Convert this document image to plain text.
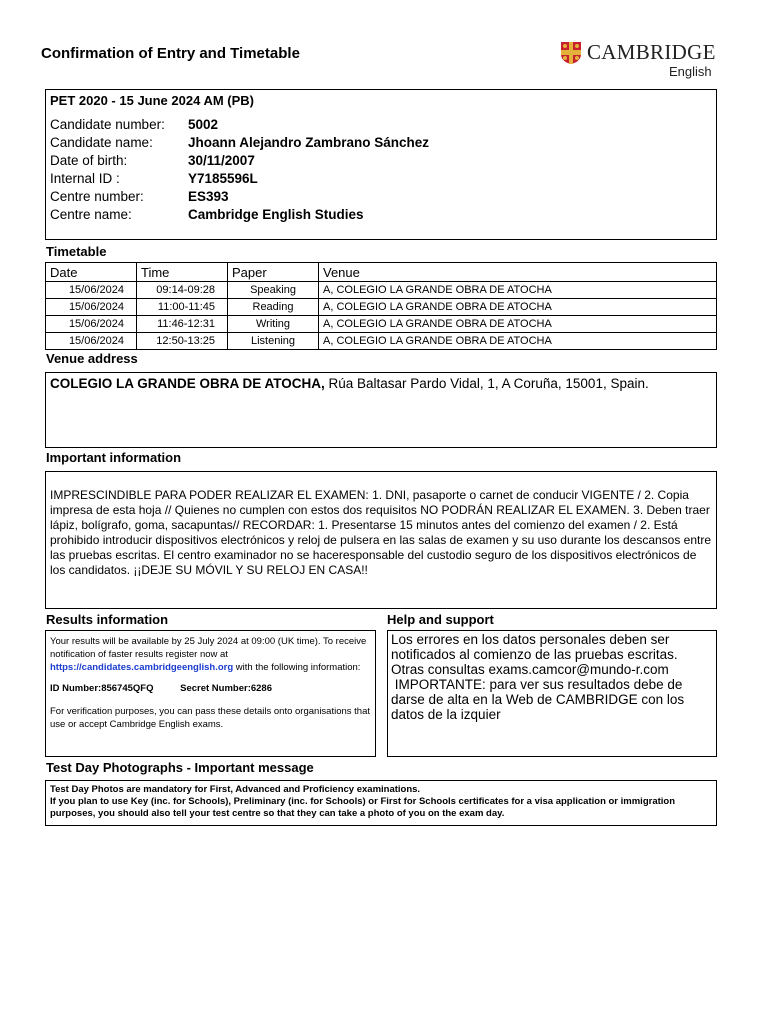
Confirmation of Entry and Timetable	CAMBRIDGE
English
PET 2020 - 15 June 2024 AM (PB)
Candidate number:	5002
Candidate name:	Jhoann Alejandro Zambrano Sánchez
Date of birth:	30/11/2007
Internal ID :	Y7185596L
Centre number:	ES393
Centre name:	Cambridge English Studies
Timetable
Date	Time	Paper	Venue
15/06/2024	09:14-09:28	Speaking	A, COLEGIO LA GRANDE OBRA DE ATOCHA
15/06/2024	11:00-11:45	Reading	A, COLEGIO LA GRANDE OBRA DE ATOCHA
15/06/2024	11:46-12:31	Writing	A, COLEGIO LA GRANDE OBRA DE ATOCHA
15/06/2024	12:50-13:25	Listening	A, COLEGIO LA GRANDE OBRA DE ATOCHA
Venue address
COLEGIO LA GRANDE OBRA DE ATOCHA, Rúa Baltasar Pardo Vidal, 1, A Coruña, 15001, Spain.
Important information
IMPRESCINDIBLE PARA PODER REALIZAR EL EXAMEN: 1. DNI, pasaporte o carnet de conducir VIGENTE / 2. Copia impresa de esta hoja // Quienes no cumplen con estos dos requisitos NO PODRÁN REALIZAR EL EXAMEN. 3. Deben traer lápiz, bolígrafo, goma, sacapuntas// RECORDAR: 1. Presentarse 15 minutos antes del comienzo del examen / 2. Está prohibido introducir dispositivos electrónicos y reloj de pulsera en las salas de examen y su uso durante los descansos entre las pruebas escritas. El centro examinador no se haceresponsable del custodio seguro de los dispositivos electrónicos de los candidatos. ¡¡DEJE SU MÓVIL Y SU RELOJ EN CASA!!
Results information
Your results will be available by 25 July 2024 at 09:00 (UK time). To receive notification of faster results register now at https://candidates.cambridgeenglish.org with the following information:
ID Number:856745QFQ	Secret Number:6286
For verification purposes, you can pass these details onto organisations that use or accept Cambridge English exams.
Help and support
Los errores en los datos personales deben ser notificados al comienzo de las pruebas escritas.
Otras consultas exams.camcor@mundo-r.com
IMPORTANTE: para ver sus resultados debe de darse de alta en la Web de CAMBRIDGE con los datos de la izquier
Test Day Photographs - Important message
Test Day Photos are mandatory for First, Advanced and Proficiency examinations.
If you plan to use Key (inc. for Schools), Preliminary (inc. for Schools) or First for Schools certificates for a visa application or immigration purposes, you should also tell your test centre so that they can take a photo of you on the exam day.
